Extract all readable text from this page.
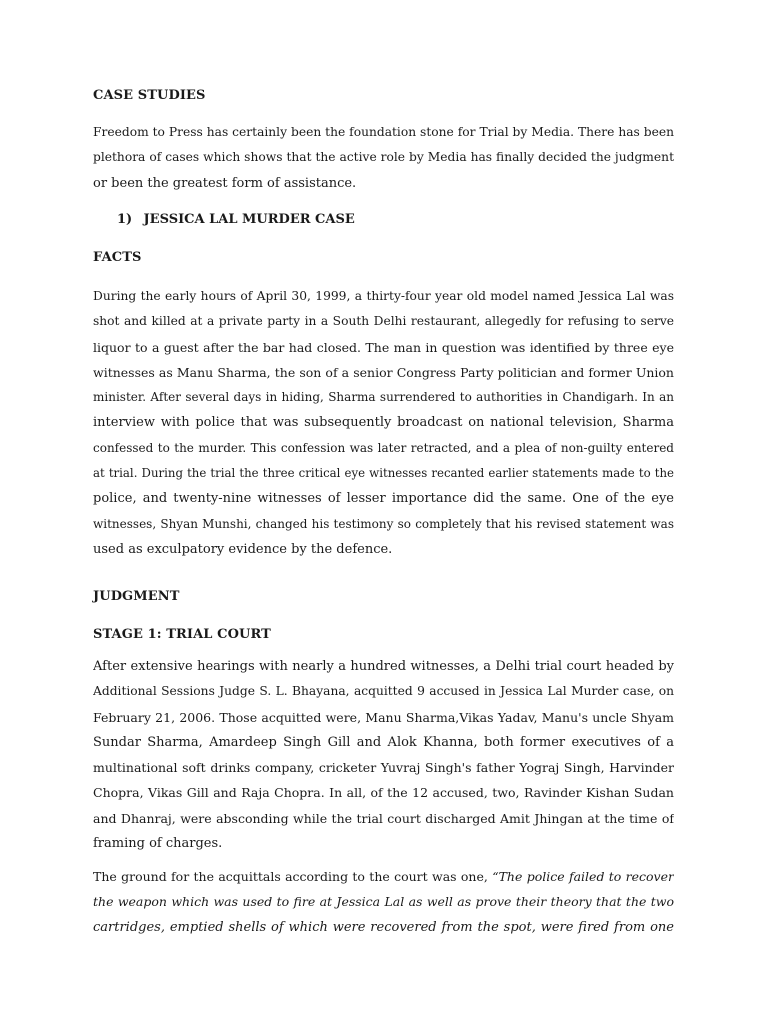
CASE STUDIES
Freedom to Press has certainly been the foundation stone for Trial by Media. There has been
plethora of cases which shows that the active role by Media has finally decided the judgment
or been the greatest form of assistance.
1) JESSICA LAL MURDER CASE
FACTS
During the early hours of April 30, 1999, a thirty-four year old model named Jessica Lal was
shot and killed at a private party in a South Delhi restaurant, allegedly for refusing to serve
liquor to a guest after the bar had closed. The man in question was identified by three eye
witnesses as Manu Sharma, the son of a senior Congress Party politician and former Union
minister. After several days in hiding, Sharma surrendered to authorities in Chandigarh. In an
interview with police that was subsequently broadcast on national television, Sharma
confessed to the murder. This confession was later retracted, and a plea of non-guilty entered
at trial. During the trial the three critical eye witnesses recanted earlier statements made to the
police, and twenty-nine witnesses of lesser importance did the same. One of the eye
witnesses, Shyan Munshi, changed his testimony so completely that his revised statement was
used as exculpatory evidence by the defence.
JUDGMENT
STAGE 1: TRIAL COURT
After extensive hearings with nearly a hundred witnesses, a Delhi trial court headed by
Additional Sessions Judge S. L. Bhayana, acquitted 9 accused in Jessica Lal Murder case, on
February 21, 2006. Those acquitted were, Manu Sharma,Vikas Yadav, Manu's uncle Shyam
Sundar Sharma, Amardeep Singh Gill and Alok Khanna, both former executives of a
multinational soft drinks company, cricketer Yuvraj Singh's father Yograj Singh, Harvinder
Chopra, Vikas Gill and Raja Chopra. In all, of the 12 accused, two, Ravinder Kishan Sudan
and Dhanraj, were absconding while the trial court discharged Amit Jhingan at the time of
framing of charges.
The ground for the acquittals according to the court was one, “The police failed to recover
the weapon which was used to fire at Jessica Lal as well as prove their theory that the two
cartridges, emptied shells of which were recovered from the spot, were fired from one
